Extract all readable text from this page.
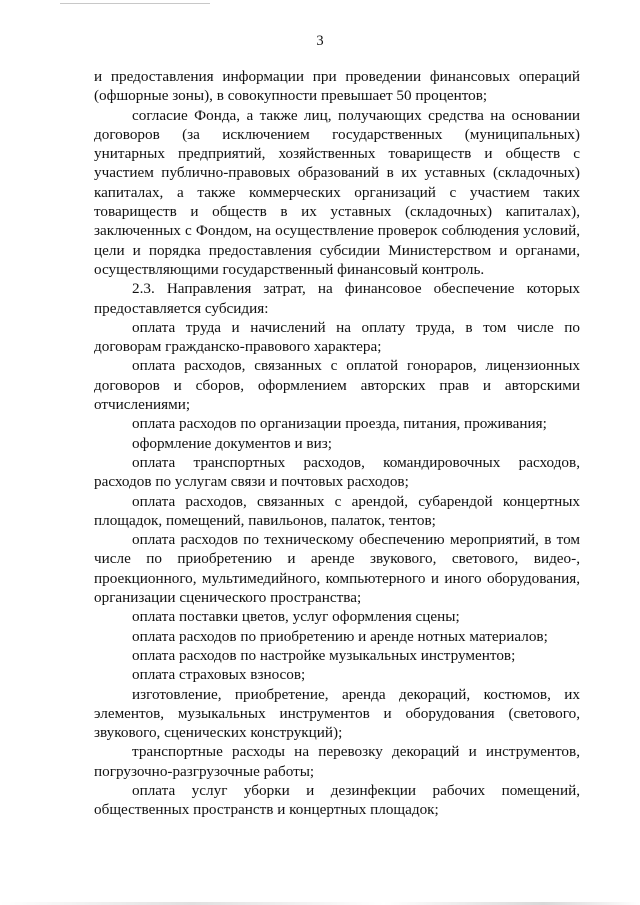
3

и предоставления информации при проведении финансовых операций (офшорные зоны), в совокупности превышает 50 процентов;

согласие Фонда, а также лиц, получающих средства на основании договоров (за исключением государственных (муниципальных) унитарных предприятий, хозяйственных товариществ и обществ с участием публично-правовых образований в их уставных (складочных) капиталах, а также коммерческих организаций с участием таких товариществ и обществ в их уставных (складочных) капиталах), заключенных с Фондом, на осуществление проверок соблюдения условий, цели и порядка предоставления субсидии Министерством и органами, осуществляющими государственный финансовый контроль.

2.3. Направления затрат, на финансовое обеспечение которых предоставляется субсидия:

оплата труда и начислений на оплату труда, в том числе по договорам гражданско-правового характера;

оплата расходов, связанных с оплатой гонораров, лицензионных договоров и сборов, оформлением авторских прав и авторскими отчислениями;

оплата расходов по организации проезда, питания, проживания;

оформление документов и виз;

оплата транспортных расходов, командировочных расходов, расходов по услугам связи и почтовых расходов;

оплата расходов, связанных с арендой, субарендой концертных площадок, помещений, павильонов, палаток, тентов;

оплата расходов по техническому обеспечению мероприятий, в том числе по приобретению и аренде звукового, светового, видео-, проекционного, мультимедийного, компьютерного и иного оборудования, организации сценического пространства;

оплата поставки цветов, услуг оформления сцены;

оплата расходов по приобретению и аренде нотных материалов;

оплата расходов по настройке музыкальных инструментов;

оплата страховых взносов;

изготовление, приобретение, аренда декораций, костюмов, их элементов, музыкальных инструментов и оборудования (светового, звукового, сценических конструкций);

транспортные расходы на перевозку декораций и инструментов, погрузочно-разгрузочные работы;

оплата услуг уборки и дезинфекции рабочих помещений, общественных пространств и концертных площадок;
